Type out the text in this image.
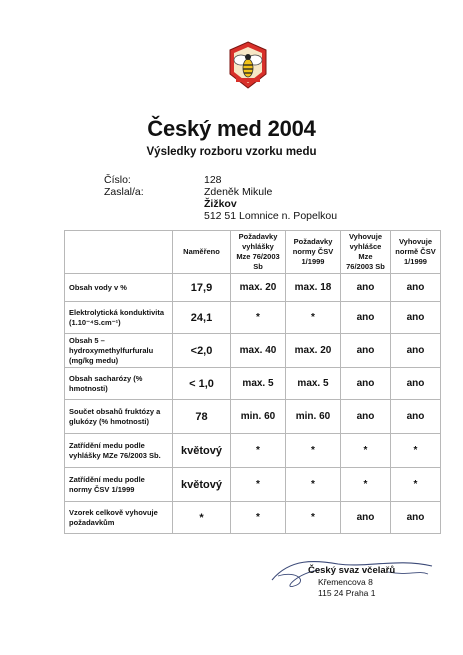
Český med 2004
Výsledky rozboru vzorku medu
Číslo:	128
Zaslal/a:	Zdeněk Mikule
Žižkov
512 51 Lomnice n. Popelkou
	Naměřeno	Požadavky vyhlášky Mze 76/2003 Sb	Požadavky normy ČSV 1/1999	Vyhovuje vyhlášce Mze 76/2003 Sb	Vyhovuje normě ČSV 1/1999
Obsah vody v %	17,9	max. 20	max. 18	ano	ano
Elektrolytická konduktivita (1.10⁻⁴S.cm⁻¹)	24,1	*	*	ano	ano
Obsah 5 – hydroxymethylfurfuralu (mg/kg medu)	<2,0	max. 40	max. 20	ano	ano
Obsah sacharózy (% hmotnosti)	< 1,0	max. 5	max. 5	ano	ano
Součet obsahů fruktózy a glukózy (% hmotnosti)	78	min. 60	min. 60	ano	ano
Zatřídění medu podle vyhlášky MZe 76/2003 Sb.	květový	*	*	*	*
Zatřídění medu podle normy ČSV 1/1999	květový	*	*	*	*
Vzorek celkově vyhovuje požadavkům	*	*	*	ano	ano
Český svaz včelařů
Křemencova 8
115 24 Praha 1
